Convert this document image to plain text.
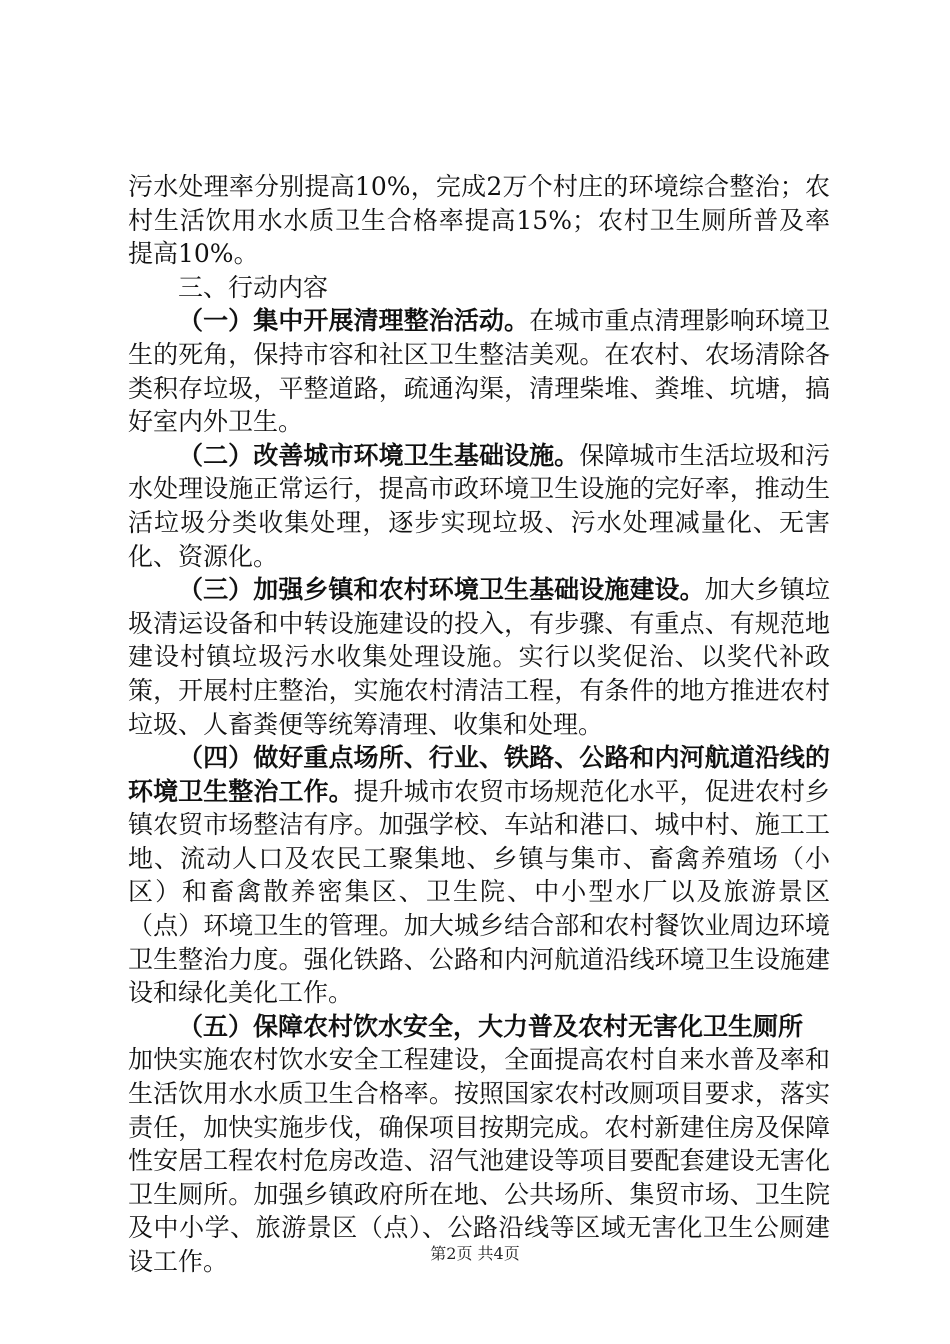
污水处理率分别提高10%，完成2万个村庄的环境综合整治；农村生活饮用水水质卫生合格率提高15%；农村卫生厕所普及率提高10%。

三、行动内容

（一）集中开展清理整治活动。在城市重点清理影响环境卫生的死角，保持市容和社区卫生整洁美观。在农村、农场清除各类积存垃圾，平整道路，疏通沟渠，清理柴堆、粪堆、坑塘，搞好室内外卫生。

（二）改善城市环境卫生基础设施。保障城市生活垃圾和污水处理设施正常运行，提高市政环境卫生设施的完好率，推动生活垃圾分类收集处理，逐步实现垃圾、污水处理减量化、无害化、资源化。

（三）加强乡镇和农村环境卫生基础设施建设。加大乡镇垃圾清运设备和中转设施建设的投入，有步骤、有重点、有规范地建设村镇垃圾污水收集处理设施。实行以奖促治、以奖代补政策，开展村庄整治，实施农村清洁工程，有条件的地方推进农村垃圾、人畜粪便等统筹清理、收集和处理。

（四）做好重点场所、行业、铁路、公路和内河航道沿线的环境卫生整治工作。提升城市农贸市场规范化水平，促进农村乡镇农贸市场整洁有序。加强学校、车站和港口、城中村、施工工地、流动人口及农民工聚集地、乡镇与集市、畜禽养殖场（小区）和畜禽散养密集区、卫生院、中小型水厂以及旅游景区（点）环境卫生的管理。加大城乡结合部和农村餐饮业周边环境卫生整治力度。强化铁路、公路和内河航道沿线环境卫生设施建设和绿化美化工作。

（五）保障农村饮水安全，大力普及农村无害化卫生厕所

加快实施农村饮水安全工程建设，全面提高农村自来水普及率和生活饮用水水质卫生合格率。按照国家农村改厕项目要求，落实责任，加快实施步伐，确保项目按期完成。农村新建住房及保障性安居工程农村危房改造、沼气池建设等项目要配套建设无害化卫生厕所。加强乡镇政府所在地、公共场所、集贸市场、卫生院及中小学、旅游景区（点）、公路沿线等区域无害化卫生公厕建设工作。	第2页 共4页
